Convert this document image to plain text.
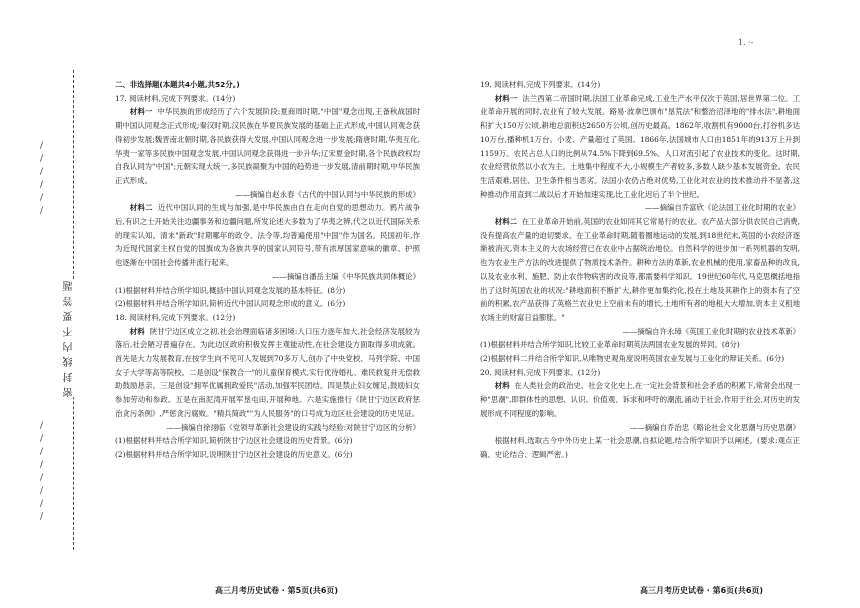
/
/
/
/
/
/
/
/
/
/
/
/
/
/
密 封 线 内 不 要 答 题

二、非选择题(本题共4小题,共52分。)

17. 阅读材料,完成下列要求。(14分)

材料一 中华民族的形成经历了六个发展阶段:夏商周时期,"中国"观念出现,王备秋战国时期中国认同观念正式形成;秦汉时期,汉民族在华夏民族发展的基础上正式形成,中国认同观念获得初步发展;魏晋南北朝时期,各民族获得大发展,中国认同观念进一步发展;隋唐时期,华夷互化,华夷一家等多民族中国观念发展,中国认同观念获得进一步升华;辽宋夏金时期,各个民族政权均自我认同为"中国";元朝实现大统一,多民族凝聚为中国的趋势进一步发展,清前期时期,中华民族正式形成。

——摘编自赵永春《古代的中国认同与中华民族的形成》

材料二 近代中国认同的生成与加强,是中华民族由自在走向自觉的思想动力。鸦片战争后,有识之士开始关注边疆事务和边疆问题,所发论述大多数为了华夷之辨,代之以近代国际关系的现实认知。清末"新政"时期哪年的政令、法令等,均普遍使用"中国"作为国名。民国初年,作为近现代国家主权自觉的国旗成为各族共享的国家认同符号,带有浓厚国家意味的徽章、护照也逐渐在中国社会传播并流行起来。

——摘编自潘岳主编《中华民族共同体概论》

(1)根据材料并结合所学知识,概括中国认同观念发展的基本特征。(8分)

(2)根据材料并结合所学知识,简析近代中国认同观念形成的意义。(6分)

18. 阅读材料,完成下列要求。(12分)

材料 陕甘宁边区成立之初,社会治理面临诸多困境:人口压力逐年加大,社会经济发展较为落后,社会陋习普遍存在。为此边区政府积极发挥主观能动性,在社会建设方面取得多项成就。首先是大力发展教育,在按学生向不见可人发展到70多万人,创办了中央党校、马列学院、中国女子大学等高等院校。二是创设"保教合一"的儿童保育模式,实行优待婚礼、难民救复并无偿救助鼓励恳亲。三是创设"拥军优属拥政爱民"活动,加强军民团结。四是禁止妇女缠足,鼓励妇女参加劳动和参政。五是在南泥湾开展军垦屯田,开展种地。六是实施推行《陕甘宁边区政府惩治贪污条例》,严惩贪污腐败。"精兵简政""为人民服务"的口号成为边区社会建设的历史见证。

——摘编自徐翊临《党领导革新社会建设的实践与经验:对陕甘宁边区的分析》

(1)根据材料并结合所学知识,简析陕甘宁边区社会建设的历史背景。(6分)

(2)根据材料并结合所学知识,说明陕甘宁边区社会建设的历史意义。(6分)

高三月考历史试卷 · 第5页(共6页)
1. ·-

19. 阅读材料,完成下列要求。(14分)

材料一 法兰西第二帝国时期,法国工业革命完成,工业生产水平仅次于英国,居世界第二位。工业革命开展的同时,农业有了较大发展。路易·波拿巴颁布"垦荒法"和整治沼泽地的"排水法",耕地面积扩大150万公顷,耕地总面积达2650万公顷,创历史最高。1862年,收割机有9000台,打谷机多达10万台,播种机1万台。小麦、产量超过了英国。1866年,法国城市人口由1851年的913万上升到1159万。农民占总人口的比例从74.5%下降到69.5%。人口对流引起了农业技术的变化。这时期,农业经营依然以小农为主。土地集中程度不大,小规模生产者较多,多数人缺少基本发展资金。农民生活艰难,居住、卫生条件相当恶劣。法国小农仍占绝对优势,工业化对农业的技术推动并不显著,这种推动作用直到二战以后才开始加速实现,比工业化迟后了半个世纪。

——摘编自乔富欣《论法国工业化时期的农业》

材料二 在工业革命开始前,英国的农业如同其它常易行的农业。农产品大部分供农民自己消费,没有提高农产量的迫切要求。在工业革命时期,随着圈地运动的发展,到18世纪末,英国的小农经济逐渐被消灭,资本主义的大农场经营已在农业中占据统治地位。自然科学的进步加一系列机器的发明,也为农业生产方法的改进提供了物质技术条件。耕种方法的革新,农业机械的使用,家畜品种的改良,以及农业水利、施肥、防止农作物病害的改良等,都需要科学知识。19世纪60年代,马克思概括地指出了这时英国农业的状况:"耕地面积不断扩大,耕作更加集约化,投在土地及其耕作上的资本有了空前的积累,农产品获得了英格兰农业史上空前未有的增长,土地所有者的地租大大增加,资本主义租地农场主的财富日益膨胀。"

——摘编自许永璋《英国工业化时期的农业技术革新》

(1)根据材料并结合所学知识,比较工业革命时期英法两国农业发展的异同。(8分)

(2)根据材料二并结合所学知识,从唯物史观角度说明英国农业发展与工业化的辩证关系。(6分)

20. 阅读材料,完成下列要求。(12分)

材料 在人类社会的政治史、社会文化史上,在一定社会背景和社会矛盾的积累下,常常会出现一种"思潮",即群体性的思想、认识、价值观、诉求和呼吁的潮流,涌动于社会,作用于社会,对历史的发展形成不同程度的影响。

——摘编自乔治忠《略论社会文化思潮与历史思潮》

根据材料,选取古今中外历史上某一社会思潮,自拟论题,结合所学知识予以阐述。(要求:观点正确、史论结合、逻辑严密。)

高三月考历史试卷 · 第6页(共6页)
